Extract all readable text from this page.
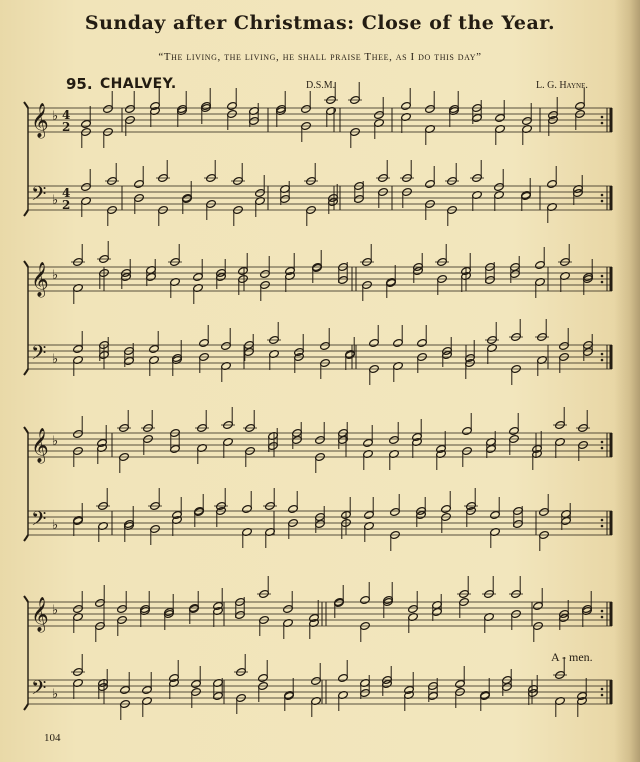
Sunday after Christmas: Close of the Year.
“The living, the living, he shall praise Thee, as I do this day”
95. CHALVEY.	D.S.M.	L. G. Hayne.
𝄞 ♭ 4
2
𝄢 ♭ 4
2
𝄞 ♭
𝄢 ♭
𝄞 ♭
𝄢 ♭
𝄞 ♭
𝄢 ♭
A - men.
104
